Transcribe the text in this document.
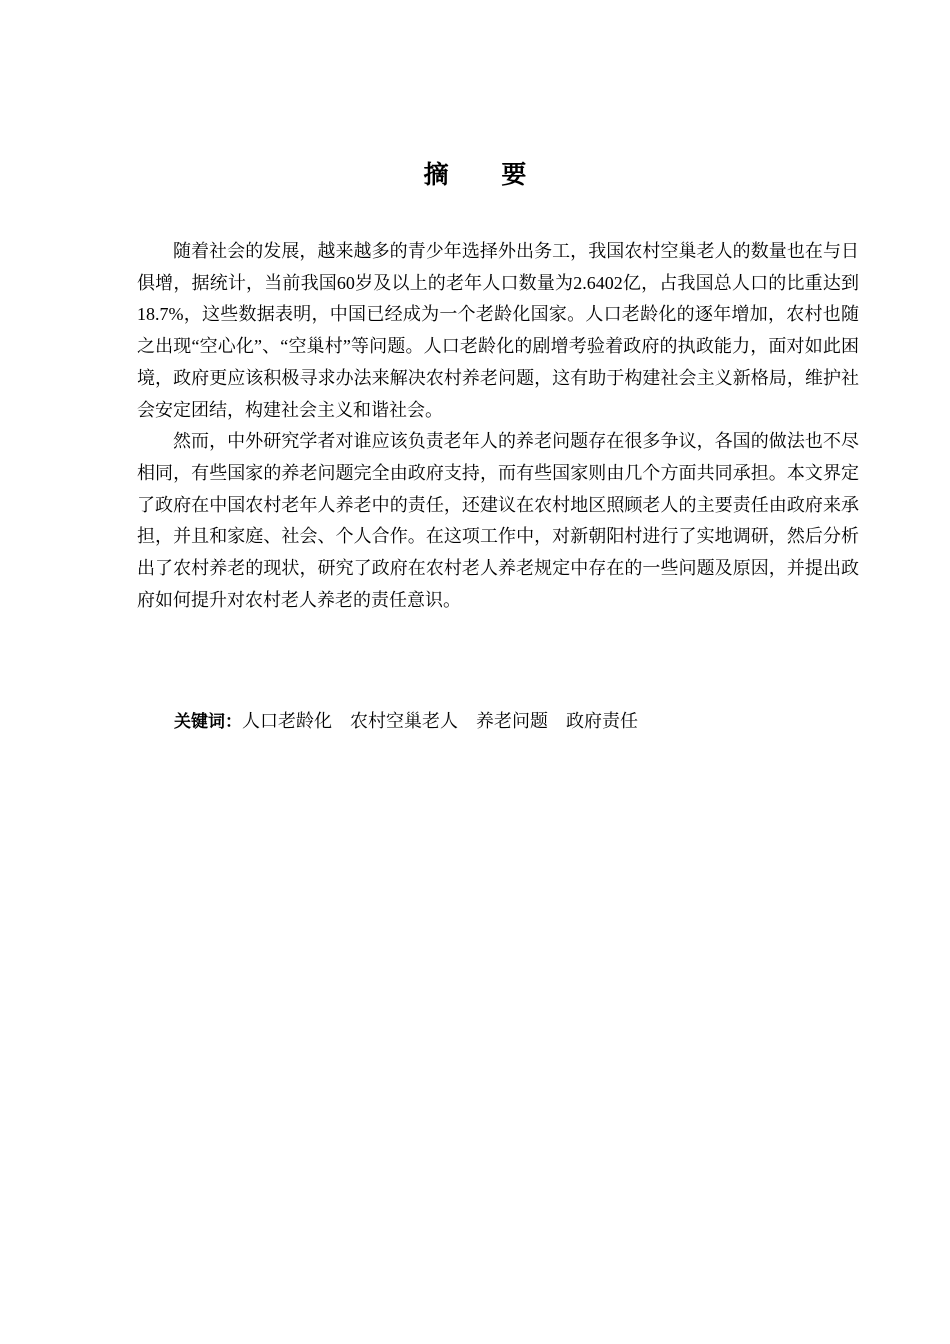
摘 要

随着社会的发展，越来越多的青少年选择外出务工，我国农村空巢老人的数量也在与日俱增，据统计，当前我国60岁及以上的老年人口数量为2.6402亿，占我国总人口的比重达到18.7%，这些数据表明，中国已经成为一个老龄化国家。人口老龄化的逐年增加，农村也随之出现“空心化”、“空巢村”等问题。人口老龄化的剧增考验着政府的执政能力，面对如此困境，政府更应该积极寻求办法来解决农村养老问题，这有助于构建社会主义新格局，维护社会安定团结，构建社会主义和谐社会。

然而，中外研究学者对谁应该负责老年人的养老问题存在很多争议，各国的做法也不尽相同，有些国家的养老问题完全由政府支持，而有些国家则由几个方面共同承担。本文界定了政府在中国农村老年人养老中的责任，还建议在农村地区照顾老人的主要责任由政府来承担，并且和家庭、社会、个人合作。在这项工作中，对新朝阳村进行了实地调研，然后分析出了农村养老的现状，研究了政府在农村老人养老规定中存在的一些问题及原因，并提出政府如何提升对农村老人养老的责任意识。

关键词：人口老龄化 农村空巢老人 养老问题 政府责任
